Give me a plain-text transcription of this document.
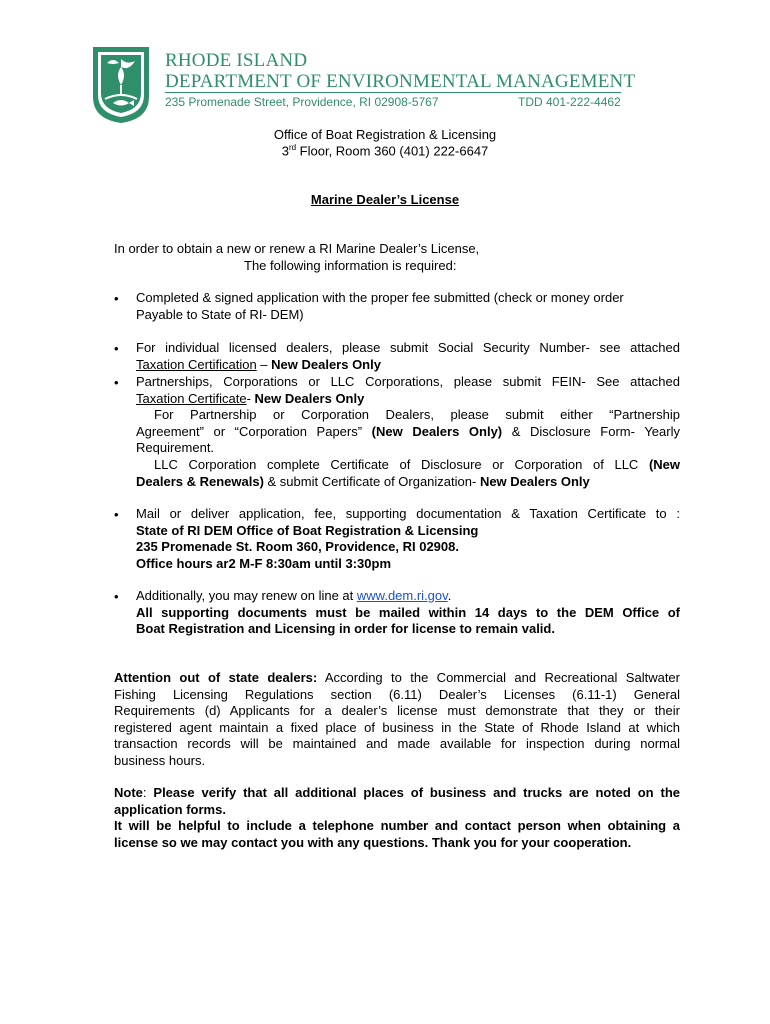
RHODE ISLAND
DEPARTMENT OF ENVIRONMENTAL MANAGEMENT
235 Promenade Street, Providence, RI 02908-5767	TDD 401-222-4462
Office of Boat Registration & Licensing
3rd Floor, Room 360 (401) 222-6647
Marine Dealer’s License
In order to obtain a new or renew a RI Marine Dealer’s License,
The following information is required:
• Completed & signed application with the proper fee submitted (check or money order
Payable to State of RI- DEM)
• For individual licensed dealers, please submit Social Security Number- see attached
Taxation Certification – New Dealers Only
• Partnerships, Corporations or LLC Corporations, please submit FEIN- See attached
Taxation Certificate- New Dealers Only
For Partnership or Corporation Dealers, please submit either “Partnership
Agreement” or “Corporation Papers” (New Dealers Only) & Disclosure Form- Yearly
Requirement.
LLC Corporation complete Certificate of Disclosure or Corporation of LLC (New
Dealers & Renewals) & submit Certificate of Organization- New Dealers Only
• Mail or deliver application, fee, supporting documentation & Taxation Certificate to :
State of RI DEM Office of Boat Registration & Licensing
235 Promenade St. Room 360, Providence, RI 02908.
Office hours ar2 M-F 8:30am until 3:30pm
• Additionally, you may renew on line at www.dem.ri.gov.
All supporting documents must be mailed within 14 days to the DEM Office of
Boat Registration and Licensing in order for license to remain valid.
Attention out of state dealers: According to the Commercial and Recreational Saltwater
Fishing Licensing Regulations section (6.11) Dealer’s Licenses (6.11-1) General
Requirements (d) Applicants for a dealer’s license must demonstrate that they or their
registered agent maintain a fixed place of business in the State of Rhode Island at which
transaction records will be maintained and made available for inspection during normal
business hours.
Note: Please verify that all additional places of business and trucks are noted on the
application forms.
It will be helpful to include a telephone number and contact person when obtaining a
license so we may contact you with any questions. Thank you for your cooperation.
